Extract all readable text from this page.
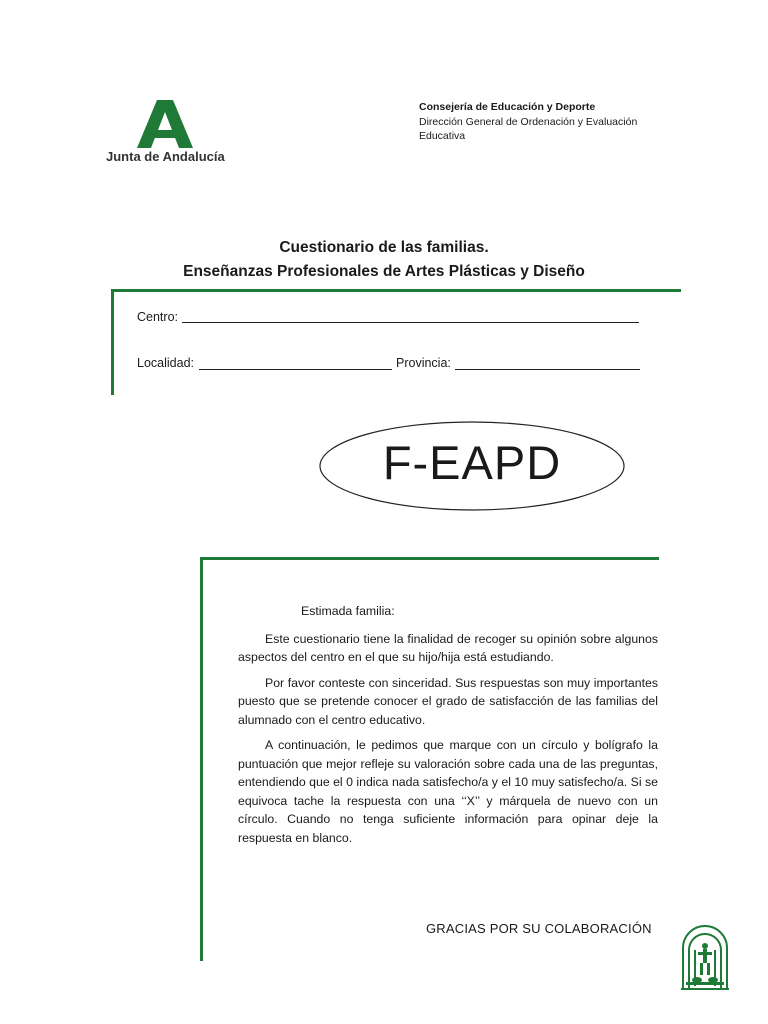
Junta de Andalucía
Consejería de Educación y Deporte
Dirección General de Ordenación y Evaluación
Educativa
Cuestionario de las familias.
Enseñanzas Profesionales de Artes Plásticas y Diseño
Centro:
Localidad:	Provincia:
F-EAPD
Estimada familia:

Este cuestionario tiene la finalidad de recoger su opinión sobre algunos aspectos del centro en el que su hijo/hija está estudiando.

Por favor conteste con sinceridad. Sus respuestas son muy importantes puesto que se pretende conocer el grado de satisfacción de las familias del alumnado con el centro educativo.

A continuación, le pedimos que marque con un círculo y bolígrafo la puntuación que mejor refleje su valoración sobre cada una de las preguntas, entendiendo que el 0 indica nada satisfecho/a y el 10 muy satisfecho/a. Si se equivoca tache la respuesta con una ‘‘X’’ y márquela de nuevo con un círculo. Cuando no tenga suficiente información para opinar deje la respuesta en blanco.

GRACIAS POR SU COLABORACIÓN
